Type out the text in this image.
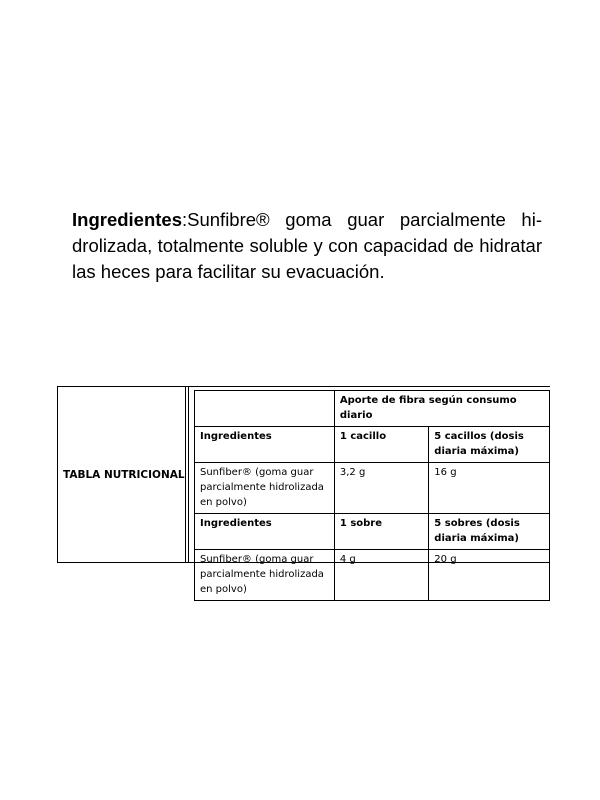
Ingredientes:Sunfibre® goma guar parcialmente hidrolizada, totalmente soluble y con capacidad de hidratar las heces para facilitar su evacuación.
TABLA NUTRICIONAL
	Aporte de fibra según consumo diario	
Ingredientes	1 cacillo	5 cacillos (dosis diaria máxima)
Sunfiber® (goma guar parcialmente hidrolizada en polvo)	3,2 g	16 g
Ingredientes	1 sobre	5 sobres (dosis diaria máxima)
Sunfiber® (goma guar parcialmente hidrolizada en polvo)	4 g	20 g
